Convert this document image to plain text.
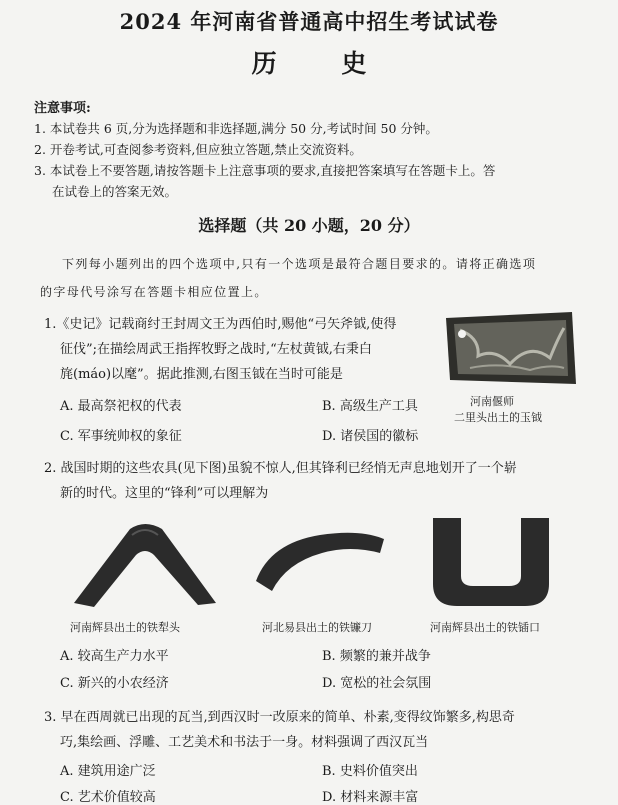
2024 年河南省普通高中招生考试试卷
历 史
注意事项:
1. 本试卷共 6 页,分为选择题和非选择题,满分 50 分,考试时间 50 分钟。
2. 开卷考试,可查阅参考资料,但应独立答题,禁止交流资料。
3. 本试卷上不要答题,请按答题卡上注意事项的要求,直接把答案填写在答题卡上。答
在试卷上的答案无效。
选择题（共 20 小题，20 分）
下列每小题列出的四个选项中,只有一个选项是最符合题目要求的。请将正确选项
的字母代号涂写在答题卡相应位置上。
1.《史记》记载商纣王封周文王为西伯时,赐他“弓矢斧钺,使得
征伐”;在描绘周武王指挥牧野之战时,“左杖黄钺,右秉白
旄(máo)以麾”。据此推测,右图玉钺在当时可能是
河南偃师
二里头出土的玉钺
A. 最高祭祀权的代表	B. 高级生产工具
C. 军事统帅权的象征	D. 诸侯国的徽标
2. 战国时期的这些农具(见下图)虽貌不惊人,但其锋利已经悄无声息地划开了一个崭
新的时代。这里的“锋利”可以理解为
河南辉县出土的铁犁头	河北易县出土的铁镰刀	河南辉县出土的铁锸口
A. 较高生产力水平	B. 频繁的兼并战争
C. 新兴的小农经济	D. 宽松的社会氛围
3. 早在西周就已出现的瓦当,到西汉时一改原来的简单、朴素,变得纹饰繁多,构思奇
巧,集绘画、浮雕、工艺美术和书法于一身。材料强调了西汉瓦当
A. 建筑用途广泛	B. 史料价值突出
C. 艺术价值较高	D. 材料来源丰富
